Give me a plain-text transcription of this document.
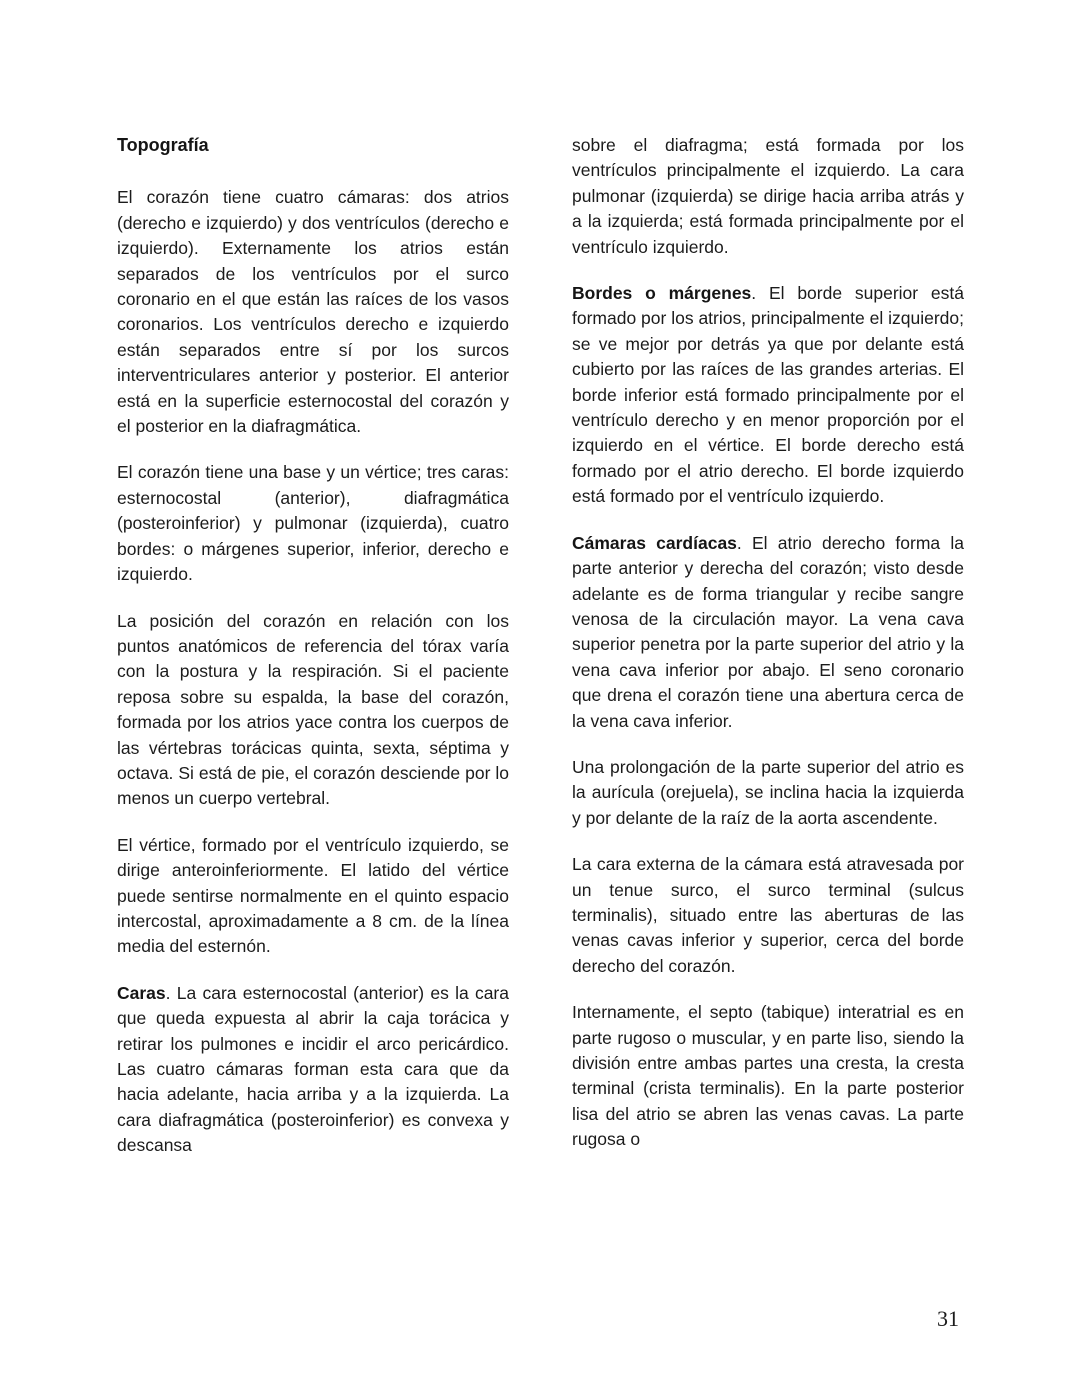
Topografía

El corazón tiene cuatro cámaras: dos atrios (derecho e izquierdo) y dos ventrículos (derecho e izquierdo). Externamente los atrios están separados de los ventrículos por el surco coronario en el que están las raíces de los vasos coronarios. Los ventrículos derecho e izquierdo están separados entre sí por los surcos interventriculares anterior y posterior. El anterior está en la superficie esternocostal del corazón y el posterior en la diafragmática.

El corazón tiene una base y un vértice; tres caras: esternocostal (anterior), diafragmática (posteroinferior) y pulmonar (izquierda), cuatro bordes: o márgenes superior, inferior, derecho e izquierdo.

La posición del corazón en relación con los puntos anatómicos de referencia del tórax varía con la postura y la respiración. Si el paciente reposa sobre su espalda, la base del corazón, formada por los atrios yace contra los cuerpos de las vértebras torácicas quinta, sexta, séptima y octava. Si está de pie, el corazón desciende por lo menos un cuerpo vertebral.

El vértice, formado por el ventrículo izquierdo, se dirige anteroinferiormente. El latido del vértice puede sentirse normalmente en el quinto espacio intercostal, aproximadamente a 8 cm. de la línea media del esternón.

Caras. La cara esternocostal (anterior) es la cara que queda expuesta al abrir la caja torácica y retirar los pulmones e incidir el arco pericárdico. Las cuatro cámaras forman esta cara que da hacia adelante, hacia arriba y a la izquierda. La cara diafragmática (posteroinferior) es convexa y descansa

sobre el diafragma; está formada por los ventrículos principalmente el izquierdo. La cara pulmonar (izquierda) se dirige hacia arriba atrás y a la izquierda; está formada principalmente por el ventrículo izquierdo.

Bordes o márgenes. El borde superior está formado por los atrios, principalmente el izquierdo; se ve mejor por detrás ya que por delante está cubierto por las raíces de las grandes arterias. El borde inferior está formado principalmente por el ventrículo derecho y en menor proporción por el izquierdo en el vértice. El borde derecho está formado por el atrio derecho. El borde izquierdo está formado por el ventrículo izquierdo.

Cámaras cardíacas. El atrio derecho forma la parte anterior y derecha del corazón; visto desde adelante es de forma triangular y recibe sangre venosa de la circulación mayor. La vena cava superior penetra por la parte superior del atrio y la vena cava inferior por abajo. El seno coronario que drena el corazón tiene una abertura cerca de la vena cava inferior.

Una prolongación de la parte superior del atrio es la aurícula (orejuela), se inclina hacia la izquierda y por delante de la raíz de la aorta ascendente.

La cara externa de la cámara está atravesada por un tenue surco, el surco terminal (sulcus terminalis), situado entre las aberturas de las venas cavas inferior y superior, cerca del borde derecho del corazón.

Internamente, el septo (tabique) interatrial es en parte rugoso o muscular, y en parte liso, siendo la división entre ambas partes una cresta, la cresta terminal (crista terminalis). En la parte posterior lisa del atrio se abren las venas cavas. La parte rugosa o

31
